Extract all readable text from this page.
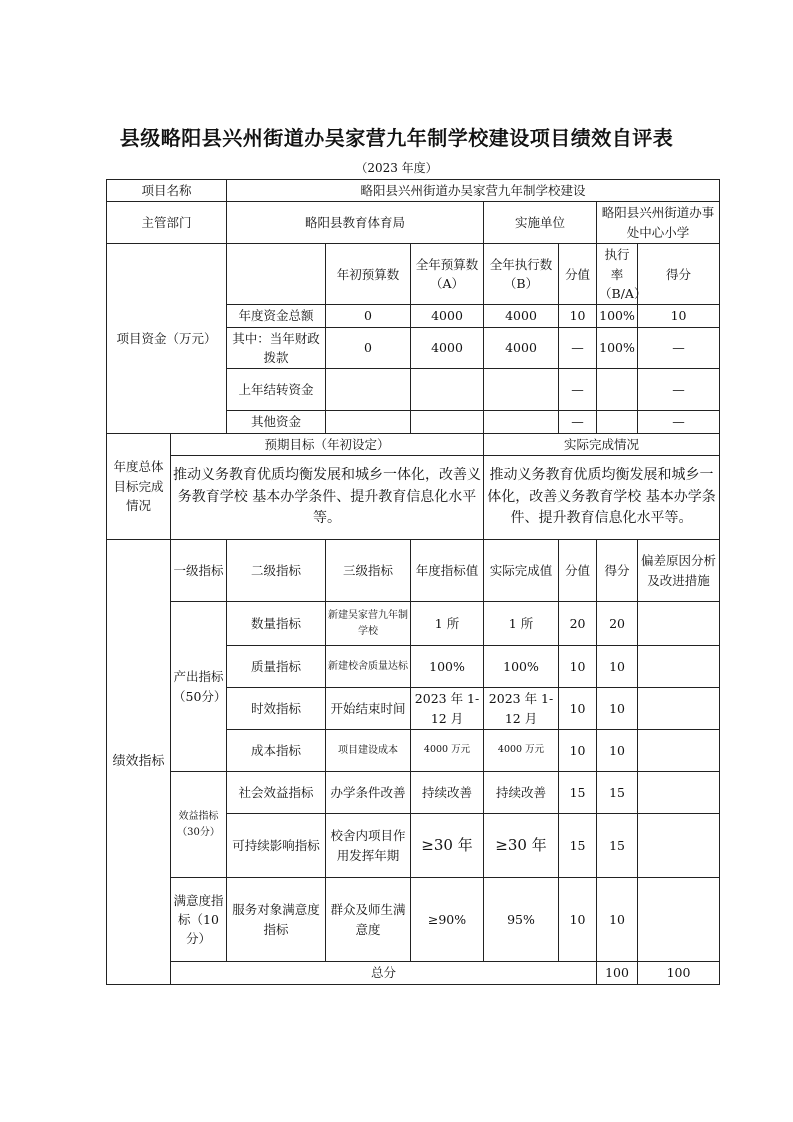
县级略阳县兴州街道办吴家营九年制学校建设项目绩效自评表
（2023 年度）
项目名称		略阳县兴州街道办吴家营九年制学校建设							
主管部门		略阳县教育体育局			实施单位		略阳县兴州街道办事处中心小学		
项目资金（万元）			年初预算数	全年预算数（A）	全年执行数（B）	分值	执行率（B/A）	得分	
		年度资金总额	0	4000	4000	10	100%	10	
		其中：当年财政拨款	0	4000	4000	—	100%	—	
		上年结转资金				—		—	
		其他资金				—		—	
年度总体目标完成情况	预期目标（年初设定）				实际完成情况				
	推动义务教育优质均衡发展和城乡一体化，改善义务教育学校 基本办学条件、提升教育信息化水平等。				推动义务教育优质均衡发展和城乡一体化，改善义务教育学校 基本办学条件、提升教育信息化水平等。				
绩效指标	一级指标	二级指标	三级指标	年度指标值	实际完成值	分值	得分	偏差原因分析及改进措施	
	产出指标（50分）	数量指标	新建吴家营九年制学校	1 所	1 所	20	20		
		质量指标	新建校舍质量达标	100%	100%	10	10		
		时效指标	开始结束时间	2023 年 1-12 月	2023 年 1-12 月	10	10		
		成本指标	项目建设成本	4000 万元	4000 万元	10	10		
	效益指标（30分）	社会效益指标	办学条件改善	持续改善	持续改善	15	15		
		可持续影响指标	校舍内项目作用发挥年期	≥30 年	≥30 年	15	15		
	满意度指标（10分）	服务对象满意度指标	群众及师生满意度	≥90%	95%	10	10		
	总分						100	100	
